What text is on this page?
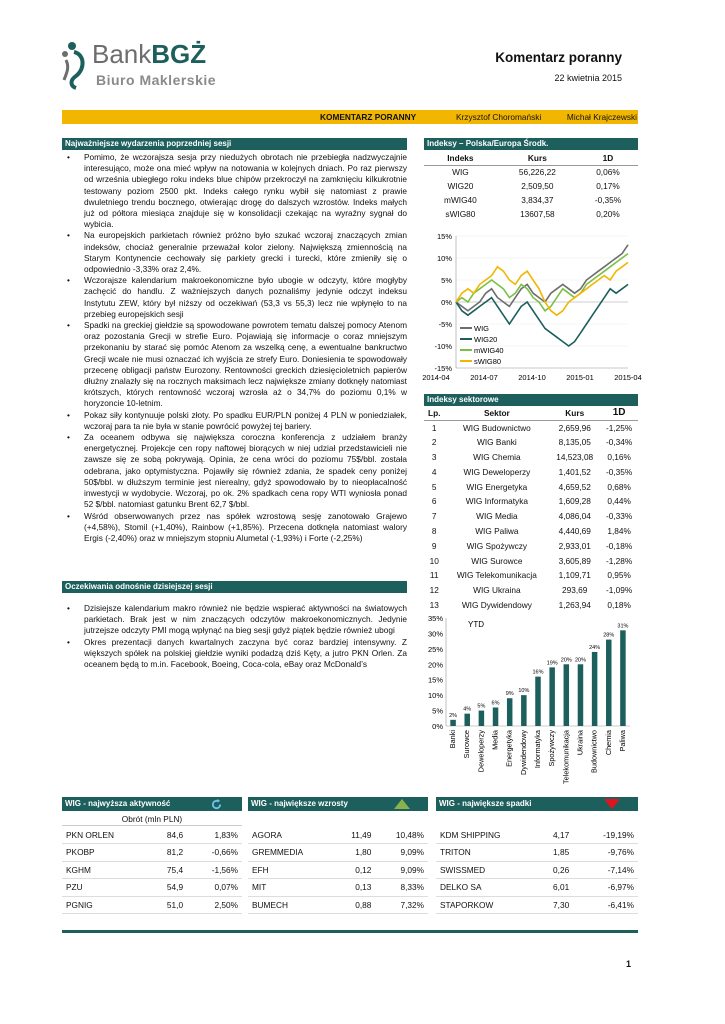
BankBGŻ
Biuro Maklerskie
Komentarz poranny
22 kwietnia 2015
KOMENTARZ PORANNY	Krzysztof Choromański	Michał Krajczewski
Najważniejsze wydarzenia poprzedniej sesji
• Pomimo, że wczorajsza sesja przy niedużych obrotach nie przebiegła nadzwyczajnie interesująco, może ona mieć wpływ na notowania w kolejnych dniach. Po raz pierwszy od września ubiegłego roku indeks blue chipów przekroczył na zamknięciu kilkukrotnie testowany poziom 2500 pkt. Indeks całego rynku wybił się natomiast z prawie dwuletniego trendu bocznego, otwierając drogę do dalszych wzrostów. Indeks małych już od półtora miesiąca znajduje się w konsolidacji czekając na wyraźny sygnał do wybicia.
• Na europejskich parkietach również próżno było szukać wczoraj znaczących zmian indeksów, chociaż generalnie przeważał kolor zielony. Największą zmiennością na Starym Kontynencie cechowały się parkiety grecki i turecki, które zmieniły się o odpowiednio -3,33% oraz 2,4%.
• Wczorajsze kalendarium makroekonomiczne było ubogie w odczyty, które mogłyby zachęcić do handlu. Z ważniejszych danych poznaliśmy jedynie odczyt indeksu Instytutu ZEW, który był niższy od oczekiwań (53,3 vs 55,3) lecz nie wpłynęło to na przebieg europejskich sesji
• Spadki na greckiej giełdzie są spowodowane powrotem tematu dalszej pomocy Atenom oraz pozostania Grecji w strefie Euro. Pojawiają się informacje o coraz mniejszym przekonaniu by starać się pomóc Atenom za wszelką cenę, a ewentualne bankructwo Grecji wcale nie musi oznaczać ich wyjścia ze strefy Euro. Doniesienia te spowodowały przecenę obligacji państw Eurozony. Rentowności greckich dziesięcioletnich papierów dłużny znalazły się na rocznych maksimach lecz największe zmiany dotknęły natomiast krótszych, których rentowność wczoraj wzrosła aż o 34,7% do poziomu 0,1% w horyzoncie 10-letnim.
• Pokaz siły kontynuuje polski złoty. Po spadku EUR/PLN poniżej 4 PLN w poniedziałek, wczoraj para ta nie była w stanie powrócić powyżej tej bariery.
• Za oceanem odbywa się największa coroczna konferencja z udziałem branży energetycznej. Projekcje cen ropy naftowej biorących w niej udział przedstawicieli nie zawsze się ze sobą pokrywają. Opinia, że cena wróci do poziomu 75$/bbl. została odebrana, jako optymistyczna. Pojawiły się również zdania, że spadek ceny poniżej 50$/bbl. w dłuższym terminie jest nierealny, gdyż spowodowało by to nieopłacalność inwestycji w wydobycie. Wczoraj, po ok. 2% spadkach cena ropy WTI wyniosła ponad 52 $/bbl. natomiast gatunku Brent 62,7 $/bbl.
• Wśród obserwowanych przez nas spółek wzrostową sesję zanotowało Grajewo (+4,58%), Stomil (+1,40%), Rainbow (+1,85%). Przecena dotknęła natomiast walory Ergis (-2,40%) oraz w mniejszym stopniu Alumetal (-1,93%) i Forte (-2,25%)
Oczekiwania odnośnie dzisiejszej sesji
• Dzisiejsze kalendarium makro również nie będzie wspierać aktywności na światowych parkietach. Brak jest w nim znaczących odczytów makroekonomicznych. Jedynie jutrzejsze odczyty PMI mogą wpłynąć na bieg sesji gdyż piątek będzie również ubogi
• Okres prezentacji danych kwartalnych zaczyna być coraz bardziej intensywny. Z większych spółek na polskiej giełdzie wyniki podadzą dziś Kęty, a jutro PKN Orlen. Za oceanem będą to m.in. Facebook, Boeing, Coca-cola, eBay oraz McDonald’s
Indeksy – Polska/Europa Środk.
Indeks	Kurs	1D
WIG	56,226,22	0,06%
WIG20	2,509,50	0,17%
mWIG40	3,834,37	-0,35%
sWIG80	13607,58	0,20%
15%
10%
5%
0%
-5%
-10%
-15%
2014-04	2014-07	2014-10	2015-01	2015-04
WIG
WIG20
mWIG40
sWIG80
Indeksy sektorowe
Lp.	Sektor	Kurs	1D
1	WIG Budownictwo	2,659,96	-1,25%
2	WIG Banki	8,135,05	-0,34%
3	WIG Chemia	14,523,08	0,16%
4	WIG Deweloperzy	1,401,52	-0,35%
5	WIG Energetyka	4,659,52	0,68%
6	WIG Informatyka	1,609,28	0,44%
7	WIG Media	4,086,04	-0,33%
8	WIG Paliwa	4,440,69	1,84%
9	WIG Spożywczy	2,933,01	-0,18%
10	WIG Surowce	3,605,89	-1,28%
11	WIG Telekomunikacja	1,109,71	0,95%
12	WIG Ukraina	293,69	-1,09%
13	WIG Dywidendowy	1,263,94	0,18%
35%
30%
25%
20%
15%
10%
5%
0%
YTD
2%
Banki
4%
Surowce
5%
Deweloperzy
6%
Media
9%
Energetyka
10%
Dywidendowy
16%
Informatyka
19%
Spożywczy
20%
Telekomunikacja
20%
Ukraina
24%
Budownictwo
28%
Chemia
31%
Paliwa
WIG - najwyższa aktywność	WIG - największe wzrosty	WIG - największe spadki
Obrót (mln PLN)
PKN ORLEN	84,6	1,83%
PKOBP	81,2	-0,66%
KGHM	75,4	-1,56%
PZU	54,9	0,07%
PGNIG	51,0	2,50%
AGORA	11,49	10,48%
GREMMEDIA	1,80	9,09%
EFH	0,12	9,09%
MIT	0,13	8,33%
BUMECH	0,88	7,32%
KDM SHIPPING	4,17	-19,19%
TRITON	1,85	-9,76%
SWISSMED	0,26	-7,14%
DELKO SA	6,01	-6,97%
STAPORKOW	7,30	-6,41%
1
